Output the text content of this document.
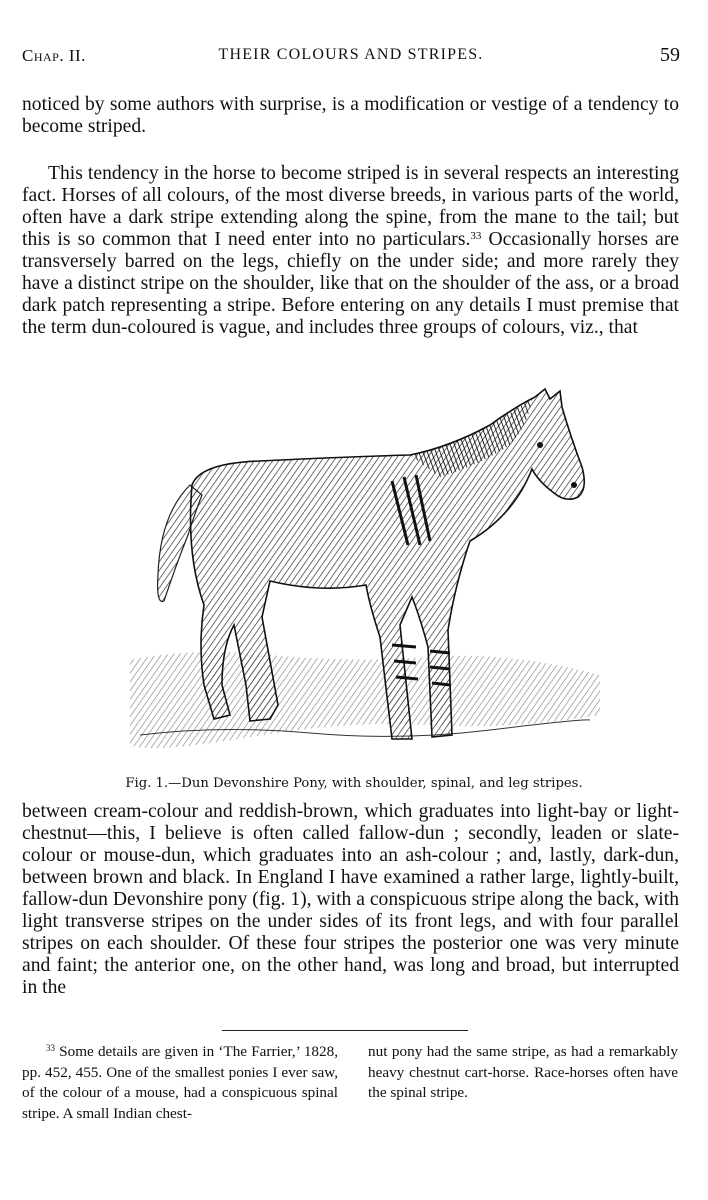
Chap. II.	THEIR COLOURS AND STRIPES.	59

noticed by some authors with surprise, is a modification or vestige of a tendency to become striped.

This tendency in the horse to become striped is in several respects an interesting fact. Horses of all colours, of the most diverse breeds, in various parts of the world, often have a dark stripe extending along the spine, from the mane to the tail; but this is so common that I need enter into no particulars.$^{33}$ Occasionally horses are transversely barred on the legs, chiefly on the under side; and more rarely they have a distinct stripe on the shoulder, like that on the shoulder of the ass, or a broad dark patch representing a stripe. Before entering on any details I must premise that the term dun-coloured is vague, and includes three groups of colours, viz., that

Fig. 1.—Dun Devonshire Pony, with shoulder, spinal, and leg stripes.

between cream-colour and reddish-brown, which graduates into light-bay or light-chestnut—this, I believe is often called fallow-dun ; secondly, leaden or slate-colour or mouse-dun, which graduates into an ash-colour ; and, lastly, dark-dun, between brown and black. In England I have examined a rather large, lightly-built, fallow-dun Devonshire pony (fig. 1), with a conspicuous stripe along the back, with light transverse stripes on the under sides of its front legs, and with four parallel stripes on each shoulder. Of these four stripes the posterior one was very minute and faint; the anterior one, on the other hand, was long and broad, but interrupted in the

$^{33}$ Some details are given in ‘The Farrier,’ 1828, pp. 452, 455. One of the smallest ponies I ever saw, of the colour of a mouse, had a conspicuous spinal stripe. A small Indian chest-

nut pony had the same stripe, as had a remarkably heavy chestnut cart-horse. Race-horses often have the spinal stripe.
